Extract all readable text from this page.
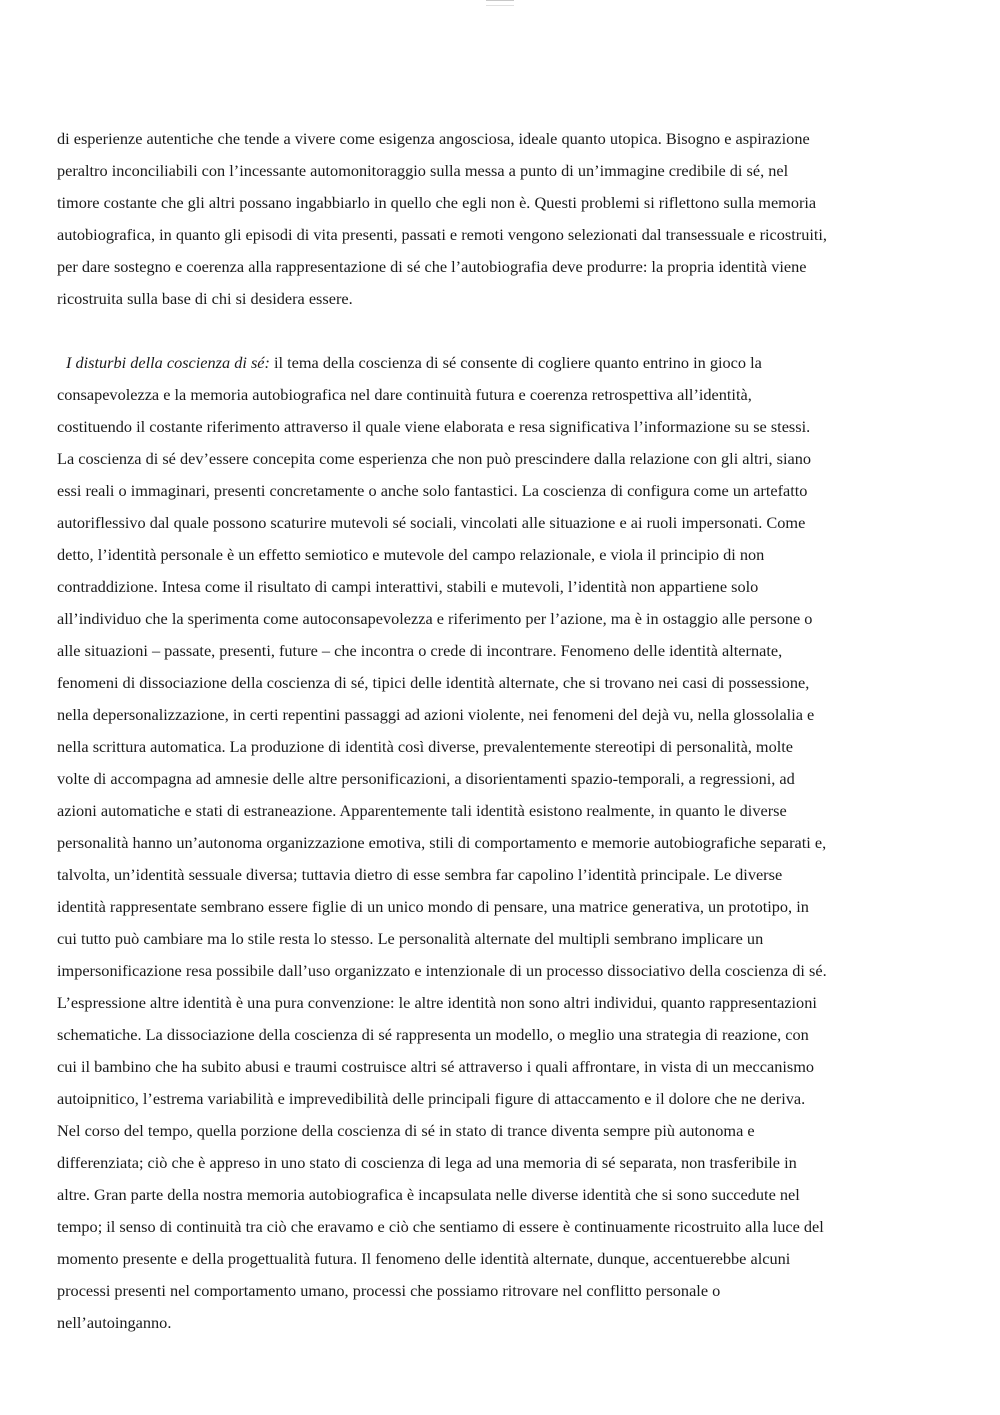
di esperienze autentiche che tende a vivere come esigenza angosciosa, ideale quanto utopica. Bisogno e aspirazione
peraltro inconciliabili con l’incessante automonitoraggio sulla messa a punto di un’immagine credibile di sé, nel
timore costante che gli altri possano ingabbiarlo in quello che egli non è. Questi problemi si riflettono sulla memoria
autobiografica, in quanto gli episodi di vita presenti, passati e remoti vengono selezionati dal transessuale e ricostruiti,
per dare sostegno e coerenza alla rappresentazione di sé che l’autobiografia deve produrre: la propria identità viene
ricostruita sulla base di chi si desidera essere.

I disturbi della coscienza di sé: il tema della coscienza di sé consente di cogliere quanto entrino in gioco la
consapevolezza e la memoria autobiografica nel dare continuità futura e coerenza retrospettiva all’identità,
costituendo il costante riferimento attraverso il quale viene elaborata e resa significativa l’informazione su se stessi.
La coscienza di sé dev’essere concepita come esperienza che non può prescindere dalla relazione con gli altri, siano
essi reali o immaginari, presenti concretamente o anche solo fantastici. La coscienza di configura come un artefatto
autoriflessivo dal quale possono scaturire mutevoli sé sociali, vincolati alle situazione e ai ruoli impersonati. Come
detto, l’identità personale è un effetto semiotico e mutevole del campo relazionale, e viola il principio di non
contraddizione. Intesa come il risultato di campi interattivi, stabili e mutevoli, l’identità non appartiene solo
all’individuo che la sperimenta come autoconsapevolezza e riferimento per l’azione, ma è in ostaggio alle persone o
alle situazioni – passate, presenti, future – che incontra o crede di incontrare. Fenomeno delle identità alternate,
fenomeni di dissociazione della coscienza di sé, tipici delle identità alternate, che si trovano nei casi di possessione,
nella depersonalizzazione, in certi repentini passaggi ad azioni violente, nei fenomeni del dejà vu, nella glossolalia e
nella scrittura automatica. La produzione di identità così diverse, prevalentemente stereotipi di personalità, molte
volte di accompagna ad amnesie delle altre personificazioni, a disorientamenti spazio-temporali, a regressioni, ad
azioni automatiche e stati di estraneazione. Apparentemente tali identità esistono realmente, in quanto le diverse
personalità hanno un’autonoma organizzazione emotiva, stili di comportamento e memorie autobiografiche separati e,
talvolta, un’identità sessuale diversa; tuttavia dietro di esse sembra far capolino l’identità principale. Le diverse
identità rappresentate sembrano essere figlie di un unico mondo di pensare, una matrice generativa, un prototipo, in
cui tutto può cambiare ma lo stile resta lo stesso. Le personalità alternate del multipli sembrano implicare un
impersonificazione resa possibile dall’uso organizzato e intenzionale di un processo dissociativo della coscienza di sé.
L’espressione altre identità è una pura convenzione: le altre identità non sono altri individui, quanto rappresentazioni
schematiche. La dissociazione della coscienza di sé rappresenta un modello, o meglio una strategia di reazione, con
cui il bambino che ha subito abusi e traumi costruisce altri sé attraverso i quali affrontare, in vista di un meccanismo
autoipnitico, l’estrema variabilità e imprevedibilità delle principali figure di attaccamento e il dolore che ne deriva.
Nel corso del tempo, quella porzione della coscienza di sé in stato di trance diventa sempre più autonoma e
differenziata; ciò che è appreso in uno stato di coscienza di lega ad una memoria di sé separata, non trasferibile in
altre. Gran parte della nostra memoria autobiografica è incapsulata nelle diverse identità che si sono succedute nel
tempo; il senso di continuità tra ciò che eravamo e ciò che sentiamo di essere è continuamente ricostruito alla luce del
momento presente e della progettualità futura. Il fenomeno delle identità alternate, dunque, accentuerebbe alcuni
processi presenti nel comportamento umano, processi che possiamo ritrovare nel conflitto personale o
nell’autoinganno.
